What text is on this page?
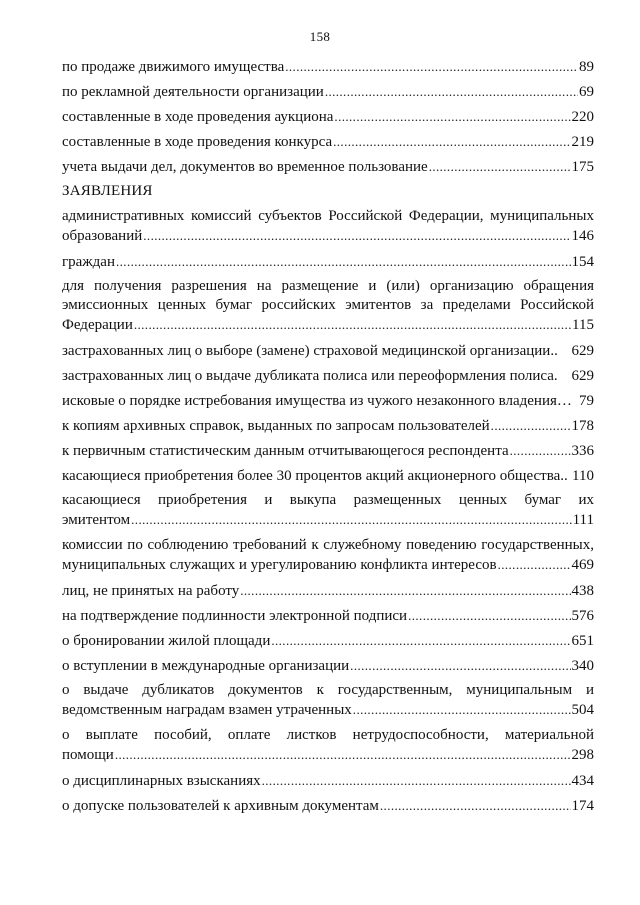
158
по продаже движимого имущества .....	89
по рекламной деятельности организации .....	69
составленные в ходе проведения аукциона .....	220
составленные в ходе проведения конкурса .....	219
учета выдачи дел, документов во временное пользование .....	175
ЗАЯВЛЕНИЯ
административных комиссий субъектов Российской Федерации, муниципальных
образований .....	146
граждан .....	154
для получения разрешения на размещение и (или) организацию обращения эмиссионных ценных бумаг российских эмитентов за пределами Российской
Федерации .....	115
застрахованных лиц о выборе (замене) страховой медицинской организации.. 629
застрахованных лиц о выдаче дубликата полиса или переоформления полиса. 629
исковые о порядке истребования имущества из чужого незаконного владения… 79
к копиям архивных справок, выданных по запросам пользователей .....	178
к первичным статистическим данным отчитывающегося респондента .....	336
касающиеся приобретения более 30 процентов акций акционерного общества.. 110
касающиеся приобретения и выкупа размещенных ценных бумаг их
эмитентом .....	111
комиссии по соблюдению требований к служебному поведению государственных,
муниципальных служащих и урегулированию конфликта интересов .....	469
лиц, не принятых на работу .....	438
на подтверждение подлинности электронной подписи .....	576
о бронировании жилой площади .....	651
о вступлении в международные организации .....	340
о выдаче дубликатов документов к государственным, муниципальным и
ведомственным наградам взамен утраченных .....	504
о выплате пособий, оплате листков нетрудоспособности, материальной
помощи .....	298
о дисциплинарных взысканиях .....	434
о допуске пользователей к архивным документам .....	174
